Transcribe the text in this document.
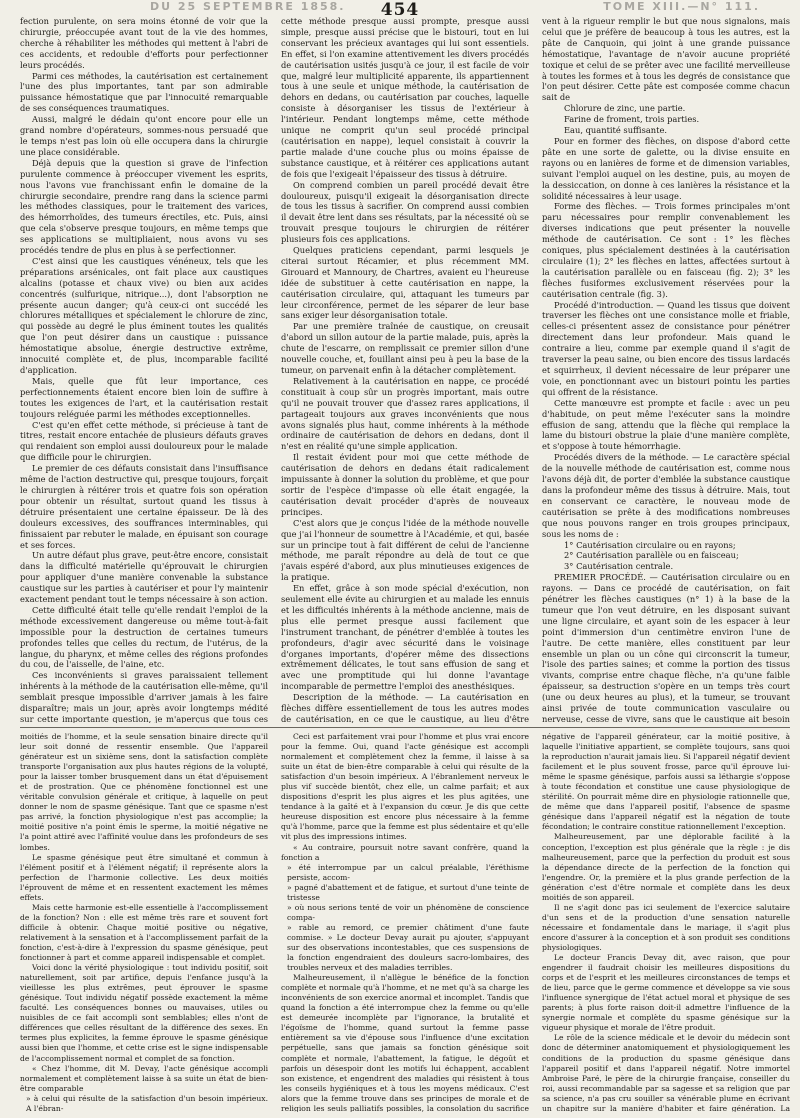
DU 25 SEPTEMBRE 1858.	454	TOME XIII.—N° 111.

fection purulente, on sera moins étonné de voir que la chirurgie, préoccupée avant tout de la vie des hommes, cherche à réhabiliter les méthodes qui mettent à l'abri de ces accidents, et redouble d'efforts pour perfectionner leurs procédés.

Parmi ces méthodes, la cautérisation est certainement l'une des plus importantes, tant par son admirable puissance hémostatique que par l'innocuité remarquable de ses conséquences traumatiques.

Aussi, malgré le dédain qu'ont encore pour elle un grand nombre d'opérateurs, sommes-nous persuadé que le temps n'est pas loin où elle occupera dans la chirurgie une place considérable.

Déjà depuis que la question si grave de l'infection purulente commence à préoccuper vivement les esprits, nous l'avons vue franchissant enfin le domaine de la chirurgie secondaire, prendre rang dans la science parmi les méthodes classiques, pour le traitement des varices, des hémorrhoïdes, des tumeurs érectiles, etc. Puis, ainsi que cela s'observe presque toujours, en même temps que ses applications se multipliaient, nous avons vu ses procédés tendre de plus en plus à se perfectionner.

C'est ainsi que les caustiques vénéneux, tels que les préparations arsénicales, ont fait place aux caustiques alcalins (potasse et chaux vive) ou bien aux acides concentrés (sulfurique, nitrique...), dont l'absorption ne présente aucun danger; qu'à ceux-ci ont succédé les chlorures métalliques et spécialement le chlorure de zinc, qui possède au degré le plus éminent toutes les qualités que l'on peut désirer dans un caustique : puissance hémostatique absolue, énergie destructive extrême, innocuité complète et, de plus, incomparable facilité d'application.

Mais, quelle que fût leur importance, ces perfectionnements étaient encore bien loin de suffire à toutes les exigences de l'art, et la cautérisation restait toujours reléguée parmi les méthodes exceptionnelles.

C'est qu'en effet cette méthode, si précieuse à tant de titres, restait encore entachée de plusieurs défauts graves qui rendaient son emploi aussi douloureux pour le malade que difficile pour le chirurgien.

Le premier de ces défauts consistait dans l'insuffisance même de l'action destructive qui, presque toujours, forçait le chirurgien à réitérer trois et quatre fois son opération pour obtenir un résultat, surtout quand les tissus à détruire présentaient une certaine épaisseur. De là des douleurs excessives, des souffrances interminables, qui finissaient par rebuter le malade, en épuisant son courage et ses forces.

Un autre défaut plus grave, peut-être encore, consistait dans la difficulté matérielle qu'éprouvait le chirurgien pour appliquer d'une manière convenable la substance caustique sur les parties à cautériser et pour l'y maintenir exactement pendant tout le temps nécessaire à son action.

Cette difficulté était telle qu'elle rendait l'emploi de la méthode excessivement dangereuse ou même tout-à-fait impossible pour la destruction de certaines tumeurs profondes telles que celles du rectum, de l'utérus, de la langue, du pharynx, et même celles des régions profondes du cou, de l'aisselle, de l'aine, etc.

Ces inconvénients si graves paraissaient tellement inhérents à la méthode de la cautérisation elle-même, qu'il semblait presque impossible d'arriver jamais à les faire disparaître; mais un jour, après avoir longtemps médité sur cette importante question, je m'aperçus que tous ces

cette méthode presque aussi prompte, presque aussi simple, presque aussi précise que le bistouri, tout en lui conservant les précieux avantages qui lui sont essentiels. En effet, si l'on examine attentivement les divers procédés de cautérisation usités jusqu'à ce jour, il est facile de voir que, malgré leur multiplicité apparente, ils appartiennent tous à une seule et unique méthode, la cautérisation de dehors en dedans, ou cautérisation par couches, laquelle consiste à désorganiser les tissus de l'extérieur à l'intérieur. Pendant longtemps même, cette méthode unique ne comprit qu'un seul procédé principal (cautérisation en nappe), lequel consistait à couvrir la partie malade d'une couche plus ou moins épaisse de substance caustique, et à réitérer ces applications autant de fois que l'exigeait l'épaisseur des tissus à détruire.

On comprend combien un pareil procédé devait être douloureux, puisqu'il exigeait la désorganisation directe de tous les tissus à sacrifier. On comprend aussi combien il devait être lent dans ses résultats, par la nécessité où se trouvait presque toujours le chirurgien de réitérer plusieurs fois ces applications.

Quelques praticiens cependant, parmi lesquels je citerai surtout Récamier, et plus récemment MM. Girouard et Mannoury, de Chartres, avaient eu l'heureuse idée de substituer à cette cautérisation en nappe, la cautérisation circulaire, qui, attaquant les tumeurs par leur circonférence, permet de les séparer de leur base sans exiger leur désorganisation totale.

Par une première traînée de caustique, on creusait d'abord un sillon autour de la partie malade, puis, après la chute de l'escarre, on remplissait ce premier sillon d'une nouvelle couche, et, fouillant ainsi peu à peu la base de la tumeur, on parvenait enfin à la détacher complètement.

Relativement à la cautérisation en nappe, ce procédé constituait à coup sûr un progrès important, mais outre qu'il ne pouvait trouver que d'assez rares applications, il partageait toujours aux graves inconvénients que nous avons signalés plus haut, comme inhérents à la méthode ordinaire de cautérisation de dehors en dedans, dont il n'est en réalité qu'une simple application.

Il restait évident pour moi que cette méthode de cautérisation de dehors en dedans était radicalement impuissante à donner la solution du problème, et que pour sortir de l'espèce d'impasse où elle était engagée, la cautérisation devait procéder d'après de nouveaux principes.

C'est alors que je conçus l'idée de la méthode nouvelle que j'ai l'honneur de soumettre à l'Académie, et qui, basée sur un principe tout à fait différent de celui de l'ancienne méthode, me paraît répondre au delà de tout ce que j'avais espéré d'abord, aux plus minutieuses exigences de la pratique.

En effet, grâce à son mode spécial d'exécution, non seulement elle évite au chirurgien et au malade les ennuis et les difficultés inhérents à la méthode ancienne, mais de plus elle permet presque aussi facilement que l'instrument tranchant, de pénétrer d'emblée à toutes les profondeurs, d'agir avec sécurité dans le voisinage d'organes importants, d'opérer même des dissections extrêmement délicates, le tout sans effusion de sang et avec une promptitude qui lui donne l'avantage incomparable de permettre l'emploi des anesthésiques.

Description de la méthode. — La cautérisation en flèches diffère essentiellement de tous les autres modes de cautérisation, en ce que le caustique, au lieu d'être

vent à la rigueur remplir le but que nous signalons, mais celui que je préfère de beaucoup à tous les autres, est la pâte de Canquoin, qui joint à une grande puissance hémostatique, l'avantage de n'avoir aucune propriété toxique et celui de se prêter avec une facilité merveilleuse à toutes les formes et à tous les degrés de consistance que l'on peut désirer. Cette pâte est composée comme chacun sait de

Chlorure de zinc, une partie.

Farine de froment, trois parties.

Eau, quantité suffisante.

Pour en former des flèches, on dispose d'abord cette pâte en une sorte de galette, ou la divise ensuite en rayons ou en lanières de forme et de dimension variables, suivant l'emploi auquel on les destine, puis, au moyen de la dessiccation, on donne à ces lanières la résistance et la solidité nécessaires à leur usage.

Forme des flèches. — Trois formes principales m'ont paru nécessaires pour remplir convenablement les diverses indications que peut présenter la nouvelle méthode de cautérisation. Ce sont : 1° les flèches coniques, plus spécialement destinées à la cautérisation circulaire (1); 2° les flèches en lattes, affectées surtout à la cautérisation parallèle ou en faisceau (fig. 2); 3° les flèches fusiformes exclusivement réservées pour la cautérisation centrale (fig. 3).

Procédé d'introduction. — Quand les tissus que doivent traverser les flèches ont une consistance molle et friable, celles-ci présentent assez de consistance pour pénétrer directement dans leur profondeur. Mais quand le contraire a lieu, comme par exemple quand il s'agit de traverser la peau saine, ou bien encore des tissus lardacés et squirrheux, il devient nécessaire de leur préparer une voie, en ponctionnant avec un bistouri pointu les parties qui offrent de la résistance.

Cette manœuvre est prompte et facile : avec un peu d'habitude, on peut même l'exécuter sans la moindre effusion de sang, attendu que la flèche qui remplace la lame du bistouri obstrue la plaie d'une manière complète, et s'oppose à toute hémorrhagie.

Procédés divers de la méthode. — Le caractère spécial de la nouvelle méthode de cautérisation est, comme nous l'avons déjà dit, de porter d'emblée la substance caustique dans la profondeur même des tissus à détruire. Mais, tout en conservant ce caractère, le nouveau mode de cautérisation se prête à des modifications nombreuses que nous pouvons ranger en trois groupes principaux, sous les noms de :

1° Cautérisation circulaire ou en rayons;

2° Cautérisation parallèle ou en faisceau;

3° Cautérisation centrale.

PREMIER PROCÉDÉ. — Cautérisation circulaire ou en rayons. — Dans ce procédé de cautérisation, on fait pénétrer les flèches caustiques (n° 1) à la base de la tumeur que l'on veut détruire, en les disposant suivant une ligne circulaire, et ayant soin de les espacer à leur point d'immersion d'un centimètre environ l'une de l'autre. De cette manière, elles constituent par leur ensemble un plan ou un cône qui circonscrit la tumeur, l'isole des parties saines; et comme la portion des tissus vivants, comprise entre chaque flèche, n'a qu'une faible épaisseur, sa destruction s'opère en un temps très court (une ou deux heures au plus), et la tumeur, se trouvant ainsi privée de toute communication vasculaire ou nerveuse, cesse de vivre, sans que le caustique ait besoin

moitiés de l'homme, et la seule sensation binaire directe qu'il leur soit donné de ressentir ensemble. Que l'appareil générateur est un sixième sens, dont la satisfaction complète transporte l'organisation aux plus hautes régions de la volupté, pour la laisser tomber brusquement dans un état d'épuisement et de prostration. Que ce phénomène fonctionnel est une véritable convulsion générale et critique, à laquelle on peut donner le nom de spasme génésique. Tant que ce spasme n'est pas arrivé, la fonction physiologique n'est pas accomplie; la moitié positive n'a point émis le sperme, la moitié négative ne l'a point attiré avec l'affinité voulue dans les profondeurs de ses lombes.

Le spasme génésique peut être simultané et commun à l'élément positif et à l'élément négatif; il représente alors la perfection de l'harmonie collective. Les deux moitiés l'éprouvent de même et en ressentent exactement les mêmes effets.

Mais cette harmonie est-elle essentielle à l'accomplissement de la fonction? Non : elle est même très rare et souvent fort difficile à obtenir. Chaque moitié positive ou négative, relativement à la sensation et à l'accomplissement parfait de la fonction, c'est-à-dire à l'expression du spasme génésique, peut fonctionner à part et comme appareil indispensable et complet.

Voici donc la vérité physiologique : tout individu positif, soit naturellement, soit par artifice, depuis l'enfance jusqu'à la vieillesse les plus extrêmes, peut éprouver le spasme génésique. Tout individu négatif possède exactement la même faculté. Les conséquences bonnes ou mauvaises, utiles ou nuisibles de ce fait accompli sont semblables; elles n'ont de différences que celles résultant de la différence des sexes. En termes plus explicites, la femme éprouve le spasme génésique aussi bien que l'homme, et cette crise est le signe indispensable de l'accomplissement normal et complet de sa fonction.

« Chez l'homme, dit M. Devay, l'acte génésique accompli normalement et complètement laisse à sa suite un état de bien-être comparable

» à celui qui résulte de la satisfaction d'un besoin impérieux. A l'ébran-

Ceci est parfaitement vrai pour l'homme et plus vrai encore pour la femme. Oui, quand l'acte génésique est accompli normalement et complètement chez la femme, il laisse à sa suite un état de bien-être comparable à celui qui résulte de la satisfaction d'un besoin impérieux. A l'ébranlement nerveux le plus vif succède bientôt, chez elle, un calme parfait; et aux dispositions d'esprit les plus aigres et les plus agitées, une tendance à la gaîté et à l'expansion du cœur. Je dis que cette heureuse disposition est encore plus nécessaire à la femme qu'à l'homme, parce que la femme est plus sédentaire et qu'elle vit plus des impressions intimes.

« Au contraire, poursuit notre savant confrère, quand la fonction a

» été interrompue par un calcul préalable, l'éréthisme persiste, accom-

» pagné d'abattement et de fatigue, et surtout d'une teinte de tristesse

» où nous serions tenté de voir un phénomène de conscience compa-

» rable au remord, ce premier châtiment d'une faute commise. » Le docteur Devay aurait pu ajouter, s'appuyant sur des observations incontestables, que ces suspensions de la fonction engendraient des douleurs sacro-lombaires, des troubles nerveux et des maladies terribles.

Malheureusement, il n'allègue le bénéfice de la fonction complète et normale qu'à l'homme, et ne met qu'à sa charge les inconvénients de son exercice anormal et incomplet. Tandis que quand la fonction a été interrompue chez la femme ou qu'elle est demeurée incomplète par l'ignorance, la brutalité et l'égoïsme de l'homme, quand surtout la femme passe entièrement sa vie d'épouse sous l'influence d'une excitation perpétuelle, sans que jamais sa fonction génésique soit complète et normale, l'abattement, la fatigue, le dégoût et parfois un désespoir dont les motifs lui échappent, accablent son existence, et engendrent des maladies qui résistent à tous les conseils hygiéniques et à tous les moyens médicaux. C'est alors que la femme trouve dans ses principes de morale et de religion les seuls palliatifs possibles, la consolation du sacrifice

négative de l'appareil générateur, car la moitié positive, à laquelle l'initiative appartient, se complète toujours, sans quoi la reproduction n'aurait jamais lieu. Si l'appareil négatif devient facilement et le plus souvent frosse, parce qu'il éprouve lui-même le spasme génésique, parfois aussi sa léthargie s'oppose à toute fécondation et constitue une cause physiologique de stérilité. On pourrait même dire en physiologie rationnelle que, de même que dans l'appareil positif, l'absence de spasme génésique dans l'appareil négatif est la négation de toute fécondation; le contraire constitue rationnellement l'exception.

Malheureusement, par une déplorable facilité à la conception, l'exception est plus générale que la règle : je dis malheureusement, parce que la perfection du produit est sous la dépendance directe de la perfection de la fonction qui l'engendre. Or, la première et la plus grande perfection de la génération c'est d'être normale et complète dans les deux moitiés de son appareil.

Il ne s'agit donc pas ici seulement de l'exercice salutaire d'un sens et de la production d'une sensation naturelle nécessaire et fondamentale dans le mariage, il s'agit plus encore d'assurer à la conception et à son produit ses conditions physiologiques.

Le docteur Francis Devay dit, avec raison, que pour engendrer il faudrait choisir les meilleures dispositions du corps et de l'esprit et les meilleures circonstances de temps et de lieu, parce que le germe commence et développe sa vie sous l'influence synergique de l'état actuel moral et physique de ses parents; à plus forte raison doit-il admettre l'influence de la synergie normale et complète du spasme génésique sur la vigueur physique et morale de l'être produit.

Le rôle de la science médicale et le devoir du médecin sont donc de déterminer anatomiquement et physiologiquement les conditions de la production du spasme génésique dans l'appareil positif et dans l'appareil négatif. Notre immortel Ambroise Paré, le père de la chirurgie française, conseiller du roi, aussi recommandable par sa sagesse et sa religion que par sa science, n'a pas cru souiller sa vénérable plume en écrivant un chapitre sur la manière d'habiter et faire génération. La
